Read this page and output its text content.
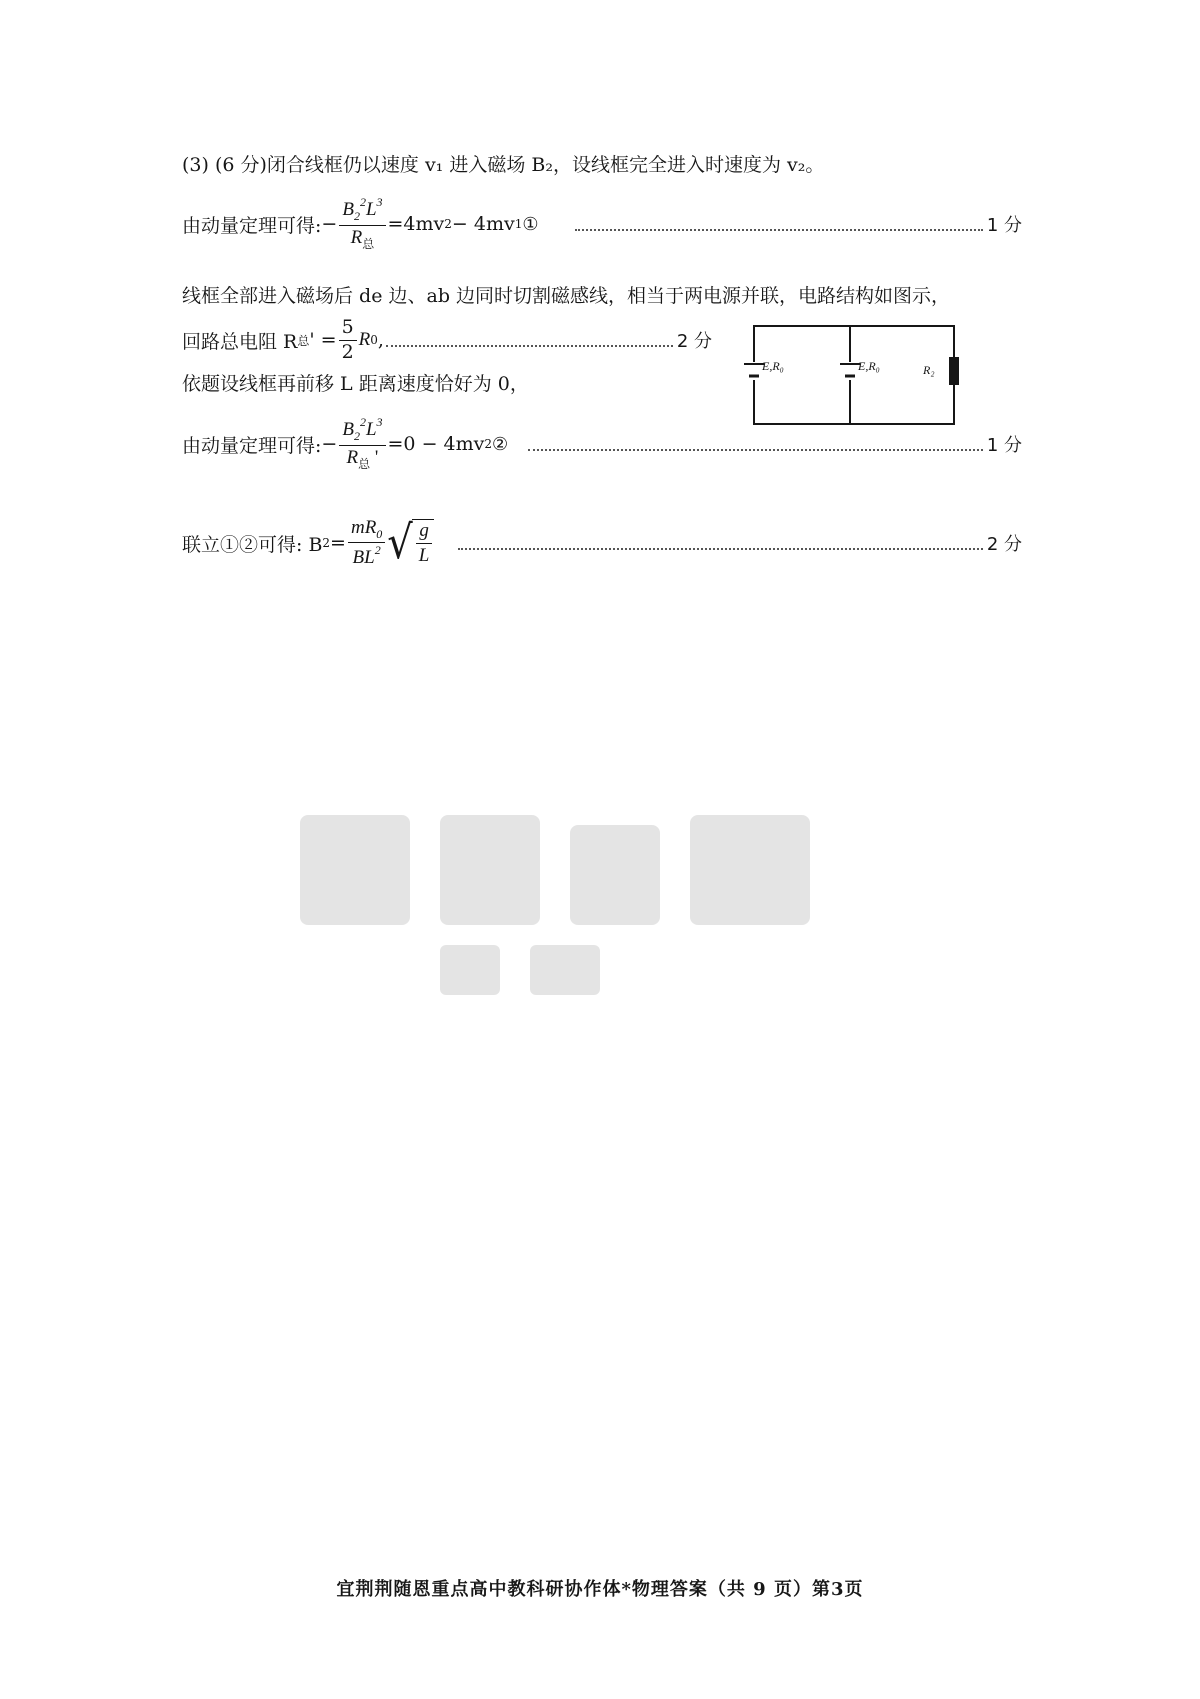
(3) (6 分)闭合线框仍以速度 v₁ 进入磁场 B₂，设线框完全进入时速度为 v₂。
由动量定理可得: − $\frac{B_2^2L^3}{R_总} =4mv$ 2 − 4mv 1 ①	1 分
线框全部进入磁场后 de 边、ab 边同时切割磁感线，相当于两电源并联，电路结构如图示，
回路总电阻 R 总 ' = $\frac{5}{2}$ R 0 ,	2 分
E,R₀	E,R₀	R₂
依题设线框再前移 L 距离速度恰好为 0，
由动量定理可得: − $\frac{B_2^2L^3}{R_总 '} =0 - 4mv$ 2 ②	1 分
联立①②可得: B $2 = \frac{mR_0}{BL^2}$ √ $\frac{g}{L}$	2 分
宜荆荆随恩重点高中教科研协作体*物理答案（共 9 页）第3页
